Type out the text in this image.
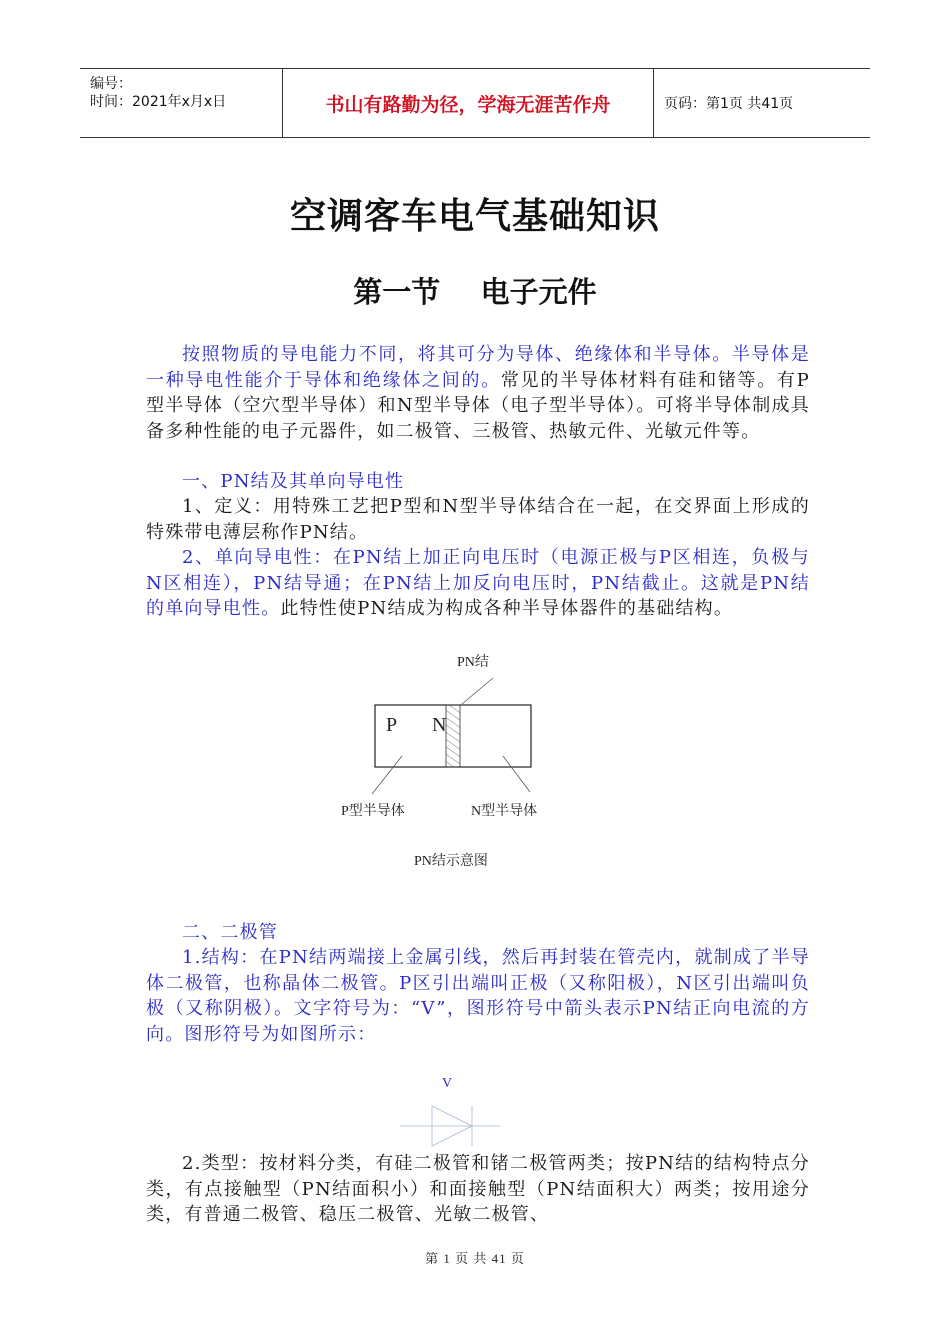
编号：
时间：2021年x月x日	书山有路勤为径，学海无涯苦作舟	页码：第1页 共41页
空调客车电气基础知识
第一节    电子元件

按照物质的导电能力不同，将其可分为导体、绝缘体和半导体。半导体是一种导电性能介于导体和绝缘体之间的。常见的半导体材料有硅和锗等。有P型半导体（空穴型半导体）和N型半导体（电子型半导体）。可将半导体制成具备多种性能的电子元器件，如二极管、三极管、热敏元件、光敏元件等。

一、PN结及其单向导电性

1、定义：用特殊工艺把P型和N型半导体结合在一起，在交界面上形成的特殊带电薄层称作PN结。

2、单向导电性：在PN结上加正向电压时（电源正极与P区相连，负极与N区相连），PN结导通；在PN结上加反向电压时，PN结截止。这就是PN结的单向导电性。此特性使PN结成为构成各种半导体器件的基础结构。

PN结
P N
P型半导体	N型半导体
PN结示意图

二、二极管

1.结构：在PN结两端接上金属引线，然后再封装在管壳内，就制成了半导体二极管，也称晶体二极管。P区引出端叫正极（又称阳极），N区引出端叫负极（又称阴极）。文字符号为：“V”，图形符号中箭头表示PN结正向电流的方向。图形符号为如图所示：

V

2.类型：按材料分类，有硅二极管和锗二极管两类；按PN结的结构特点分类，有点接触型（PN结面积小）和面接触型（PN结面积大）两类；按用途分类，有普通二极管、稳压二极管、光敏二极管、

第 1 页 共 41 页
